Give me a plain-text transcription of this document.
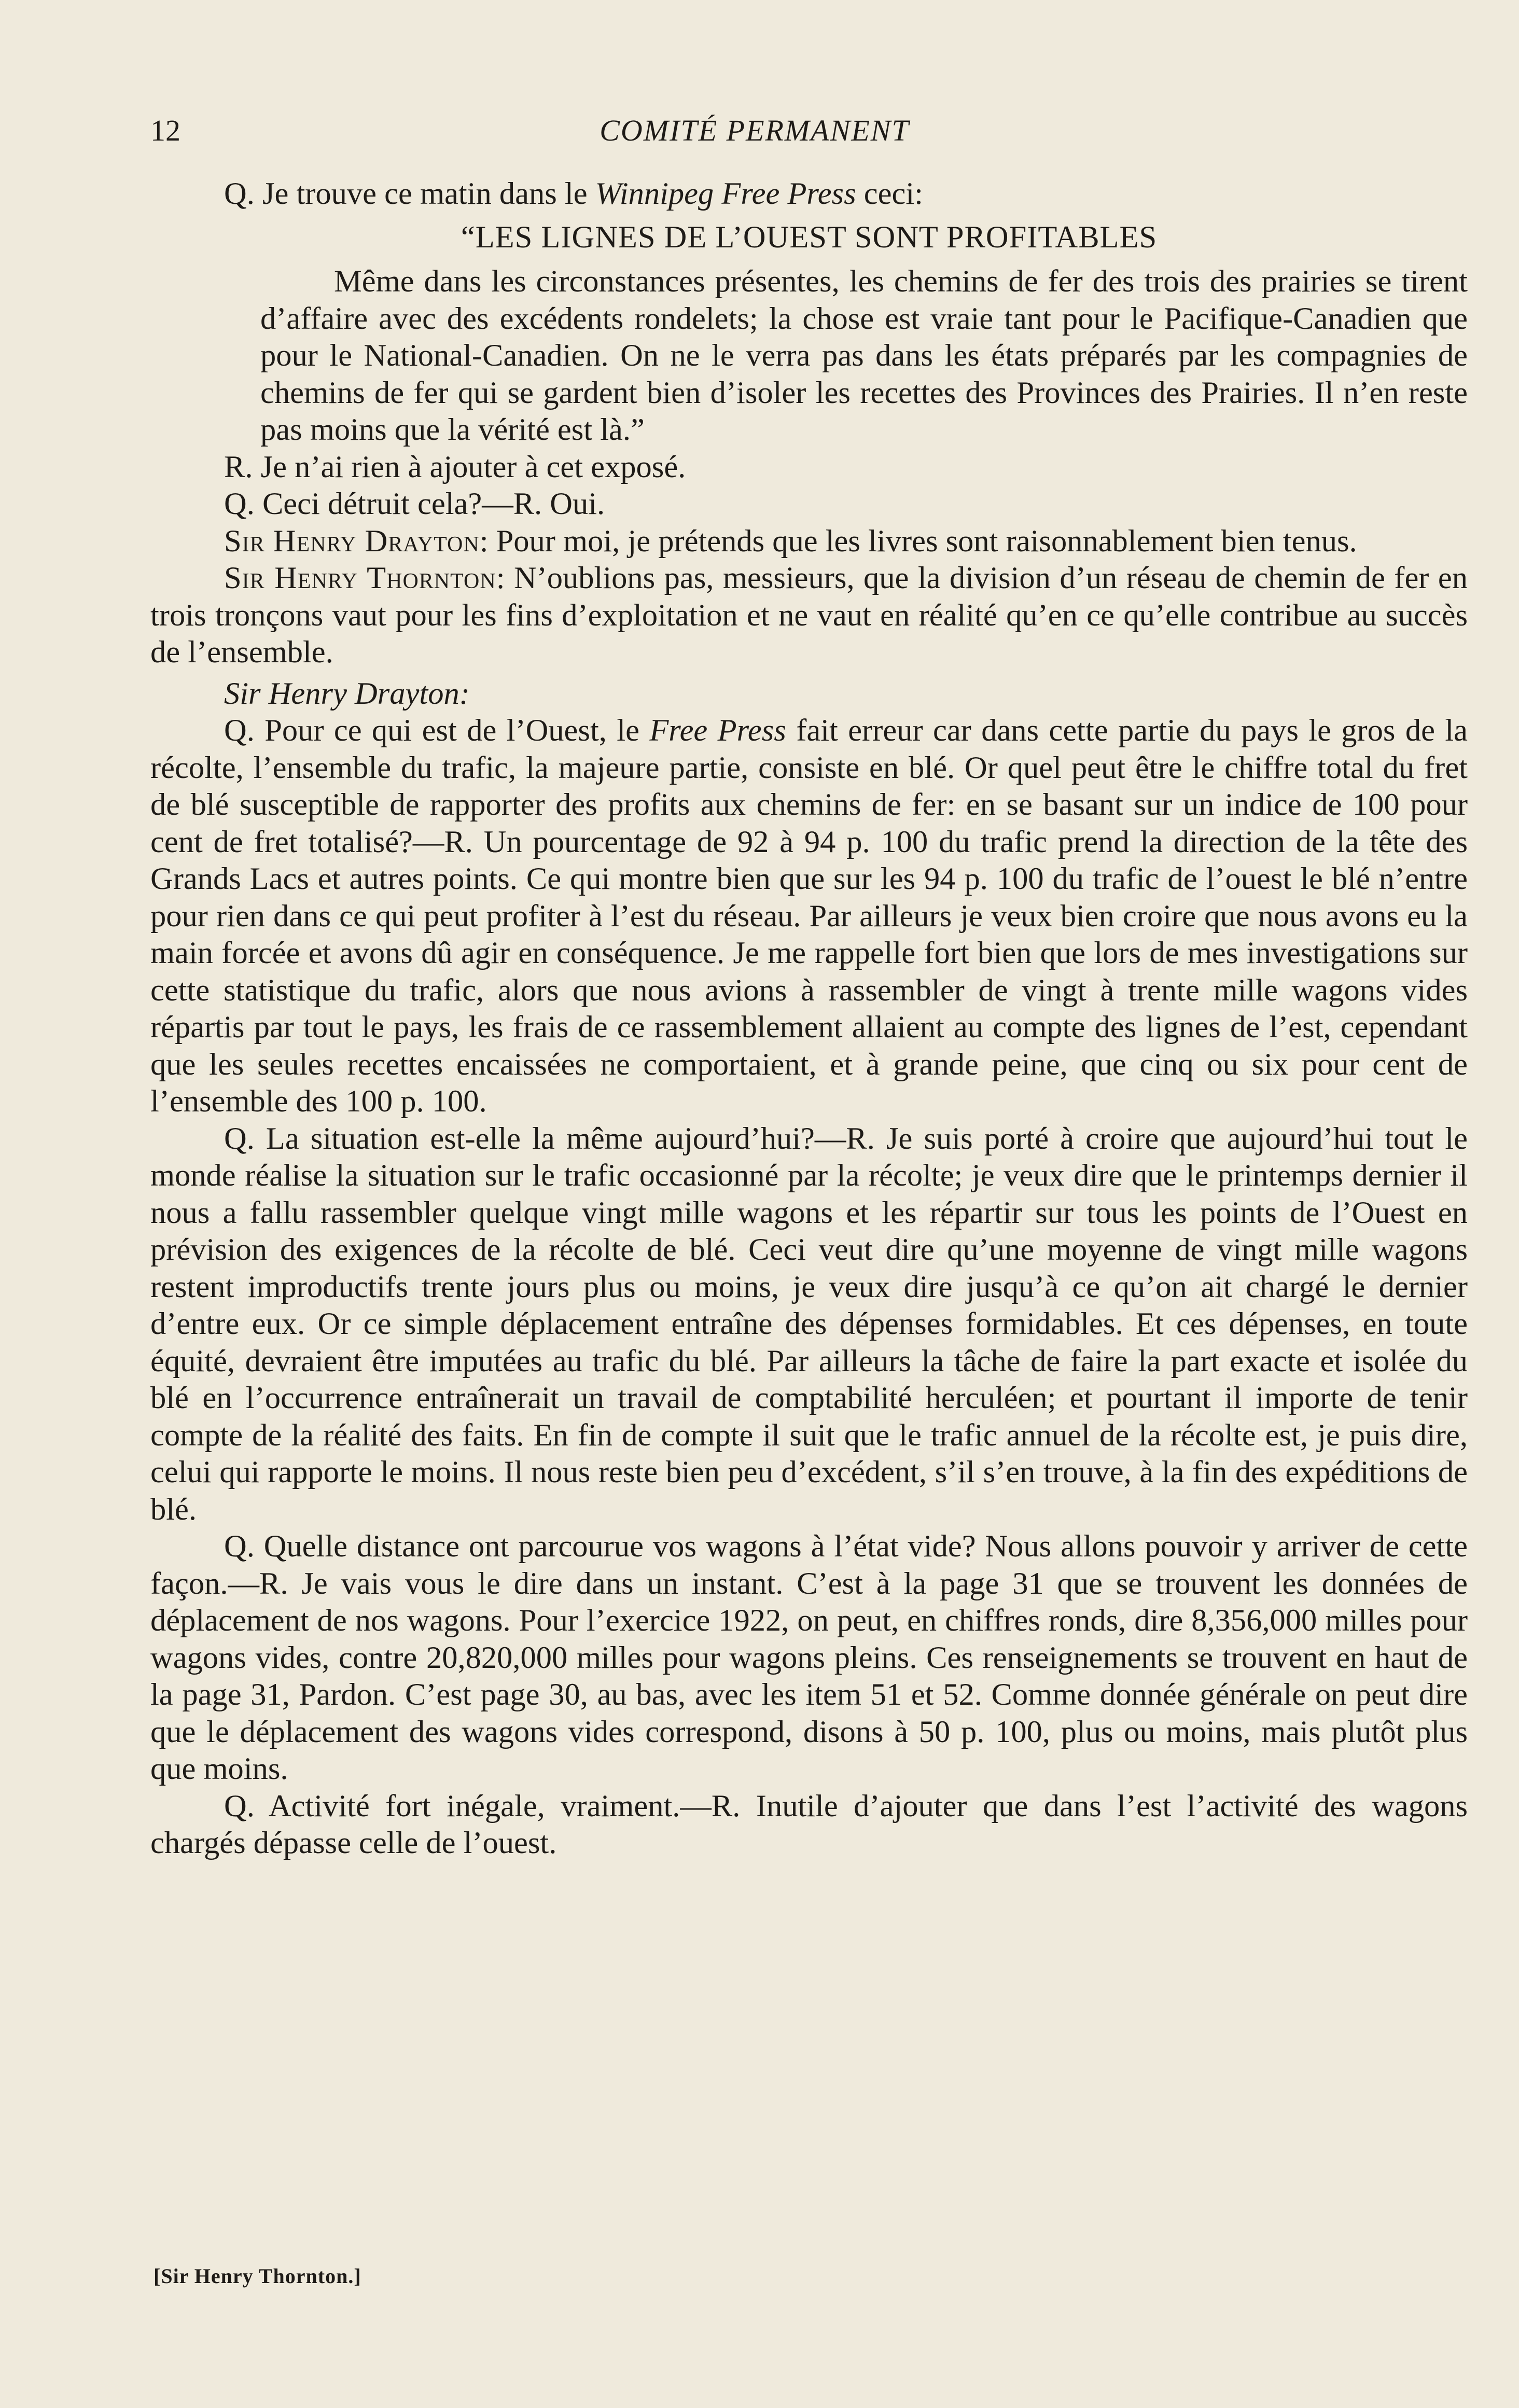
12	COMITÉ PERMANENT

Q. Je trouve ce matin dans le Winnipeg Free Press ceci:

“LES LIGNES DE L’OUEST SONT PROFITABLES

Même dans les circonstances présentes, les chemins de fer des trois des prairies se tirent d’affaire avec des excédents rondelets; la chose est vraie tant pour le Pacifique-Canadien que pour le National-Canadien. On ne le verra pas dans les états préparés par les compagnies de chemins de fer qui se gardent bien d’isoler les recettes des Provinces des Prairies. Il n’en reste pas moins que la vérité est là.”

R. Je n’ai rien à ajouter à cet exposé.

Q. Ceci détruit cela?—R. Oui.

Sir Henry Drayton: Pour moi, je prétends que les livres sont raisonnablement bien tenus.

Sir Henry Thornton: N’oublions pas, messieurs, que la division d’un réseau de chemin de fer en trois tronçons vaut pour les fins d’exploitation et ne vaut en réalité qu’en ce qu’elle contribue au succès de l’ensemble.

Sir Henry Drayton:

Q. Pour ce qui est de l’Ouest, le Free Press fait erreur car dans cette partie du pays le gros de la récolte, l’ensemble du trafic, la majeure partie, consiste en blé. Or quel peut être le chiffre total du fret de blé susceptible de rapporter des profits aux chemins de fer: en se basant sur un indice de 100 pour cent de fret totalisé?—R. Un pourcentage de 92 à 94 p. 100 du trafic prend la direction de la tête des Grands Lacs et autres points. Ce qui montre bien que sur les 94 p. 100 du trafic de l’ouest le blé n’entre pour rien dans ce qui peut profiter à l’est du réseau. Par ailleurs je veux bien croire que nous avons eu la main forcée et avons dû agir en conséquence. Je me rappelle fort bien que lors de mes investigations sur cette statistique du trafic, alors que nous avions à rassembler de vingt à trente mille wagons vides répartis par tout le pays, les frais de ce rassemblement allaient au compte des lignes de l’est, cependant que les seules recettes encaissées ne comportaient, et à grande peine, que cinq ou six pour cent de l’ensemble des 100 p. 100.

Q. La situation est-elle la même aujourd’hui?—R. Je suis porté à croire que aujourd’hui tout le monde réalise la situation sur le trafic occasionné par la récolte; je veux dire que le printemps dernier il nous a fallu rassembler quelque vingt mille wagons et les répartir sur tous les points de l’Ouest en prévision des exigences de la récolte de blé. Ceci veut dire qu’une moyenne de vingt mille wagons restent improductifs trente jours plus ou moins, je veux dire jusqu’à ce qu’on ait chargé le dernier d’entre eux. Or ce simple déplacement entraîne des dépenses formidables. Et ces dépenses, en toute équité, devraient être imputées au trafic du blé. Par ailleurs la tâche de faire la part exacte et isolée du blé en l’occurrence entraînerait un travail de comptabilité herculéen; et pourtant il importe de tenir compte de la réalité des faits. En fin de compte il suit que le trafic annuel de la récolte est, je puis dire, celui qui rapporte le moins. Il nous reste bien peu d’excédent, s’il s’en trouve, à la fin des expéditions de blé.

Q. Quelle distance ont parcourue vos wagons à l’état vide? Nous allons pouvoir y arriver de cette façon.—R. Je vais vous le dire dans un instant. C’est à la page 31 que se trouvent les données de déplacement de nos wagons. Pour l’exercice 1922, on peut, en chiffres ronds, dire 8,356,000 milles pour wagons vides, contre 20,820,000 milles pour wagons pleins. Ces renseignements se trouvent en haut de la page 31, Pardon. C’est page 30, au bas, avec les item 51 et 52. Comme donnée générale on peut dire que le déplacement des wagons vides correspond, disons à 50 p. 100, plus ou moins, mais plutôt plus que moins.

Q. Activité fort inégale, vraiment.—R. Inutile d’ajouter que dans l’est l’activité des wagons chargés dépasse celle de l’ouest.

[Sir Henry Thornton.]
